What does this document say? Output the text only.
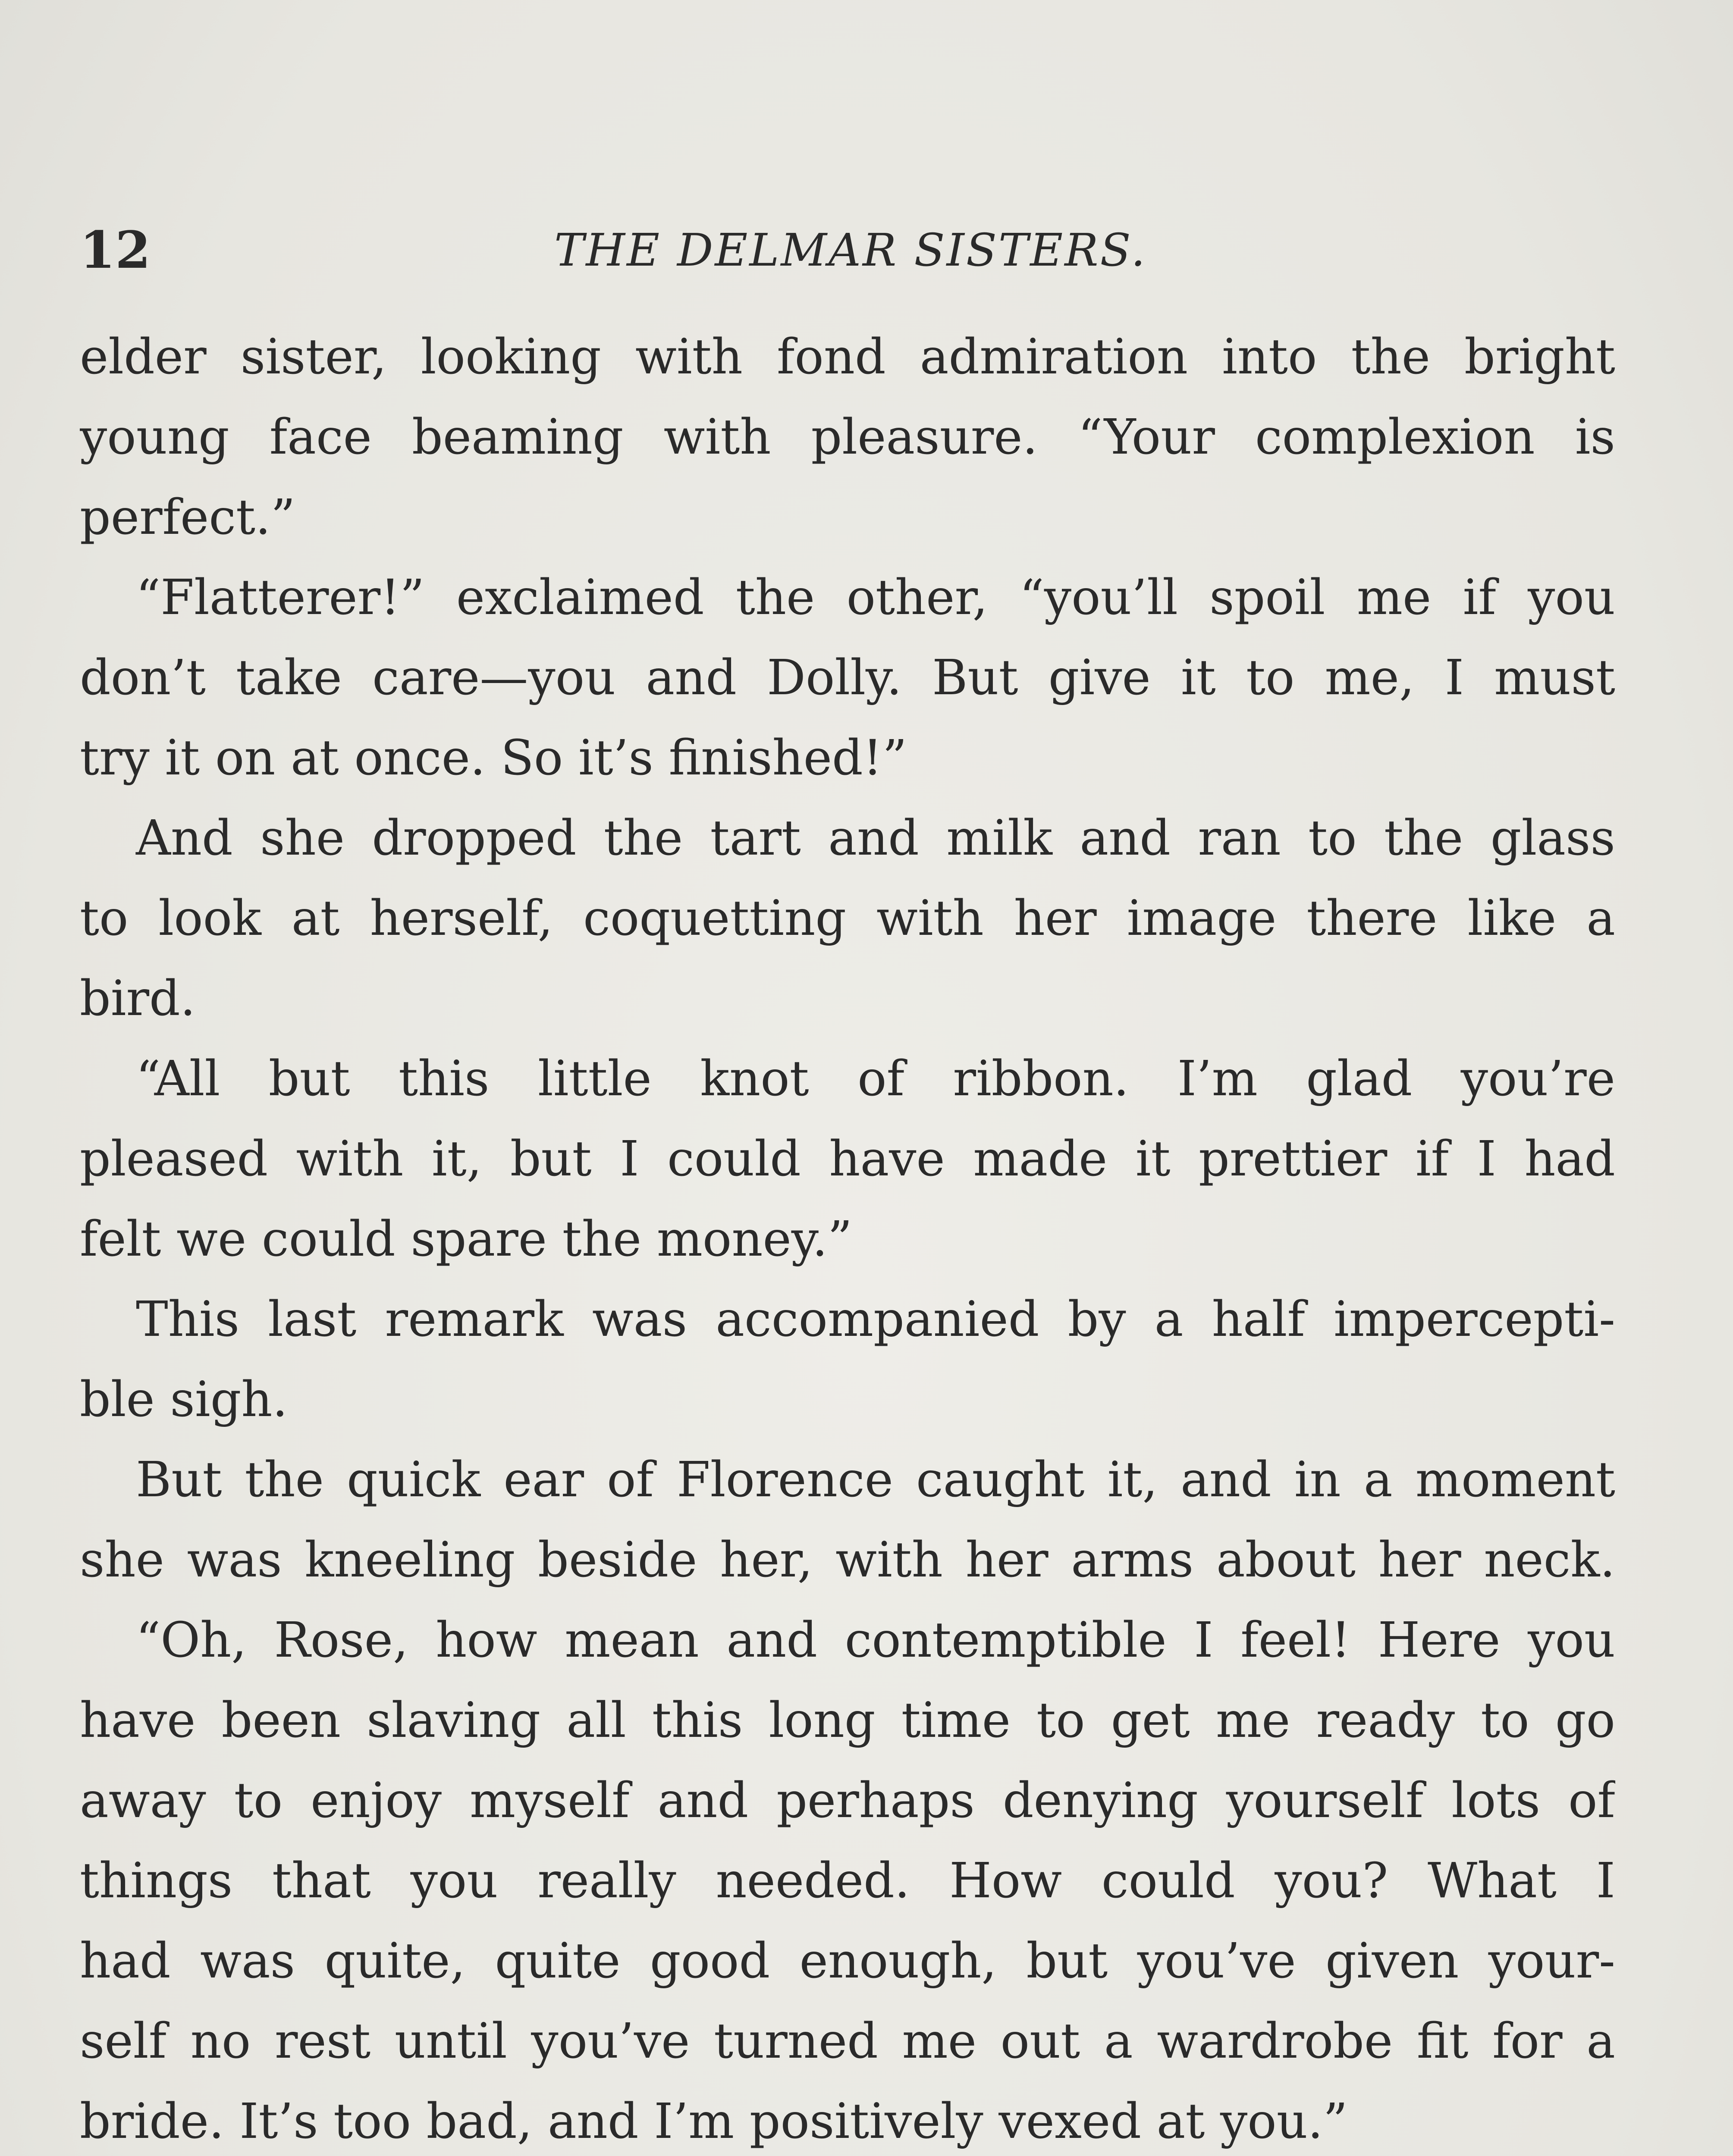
12	THE DELMAR SISTERS.
elder sister, looking with fond admiration into the bright
young face beaming with pleasure. “Your complexion is
perfect.”
“Flatterer!” exclaimed the other, “you’ll spoil me if you
don’t take care—you and Dolly. But give it to me, I must
try it on at once. So it’s finished!”
And she dropped the tart and milk and ran to the glass
to look at herself, coquetting with her image there like a
bird.
“All but this little knot of ribbon. I’m glad you’re
pleased with it, but I could have made it prettier if I had
felt we could spare the money.”
This last remark was accompanied by a half impercepti-
ble sigh.
But the quick ear of Florence caught it, and in a moment
she was kneeling beside her, with her arms about her neck.
“Oh, Rose, how mean and contemptible I feel! Here you
have been slaving all this long time to get me ready to go
away to enjoy myself and perhaps denying yourself lots of
things that you really needed. How could you? What I
had was quite, quite good enough, but you’ve given your-
self no rest until you’ve turned me out a wardrobe fit for a
bride. It’s too bad, and I’m positively vexed at you.”
